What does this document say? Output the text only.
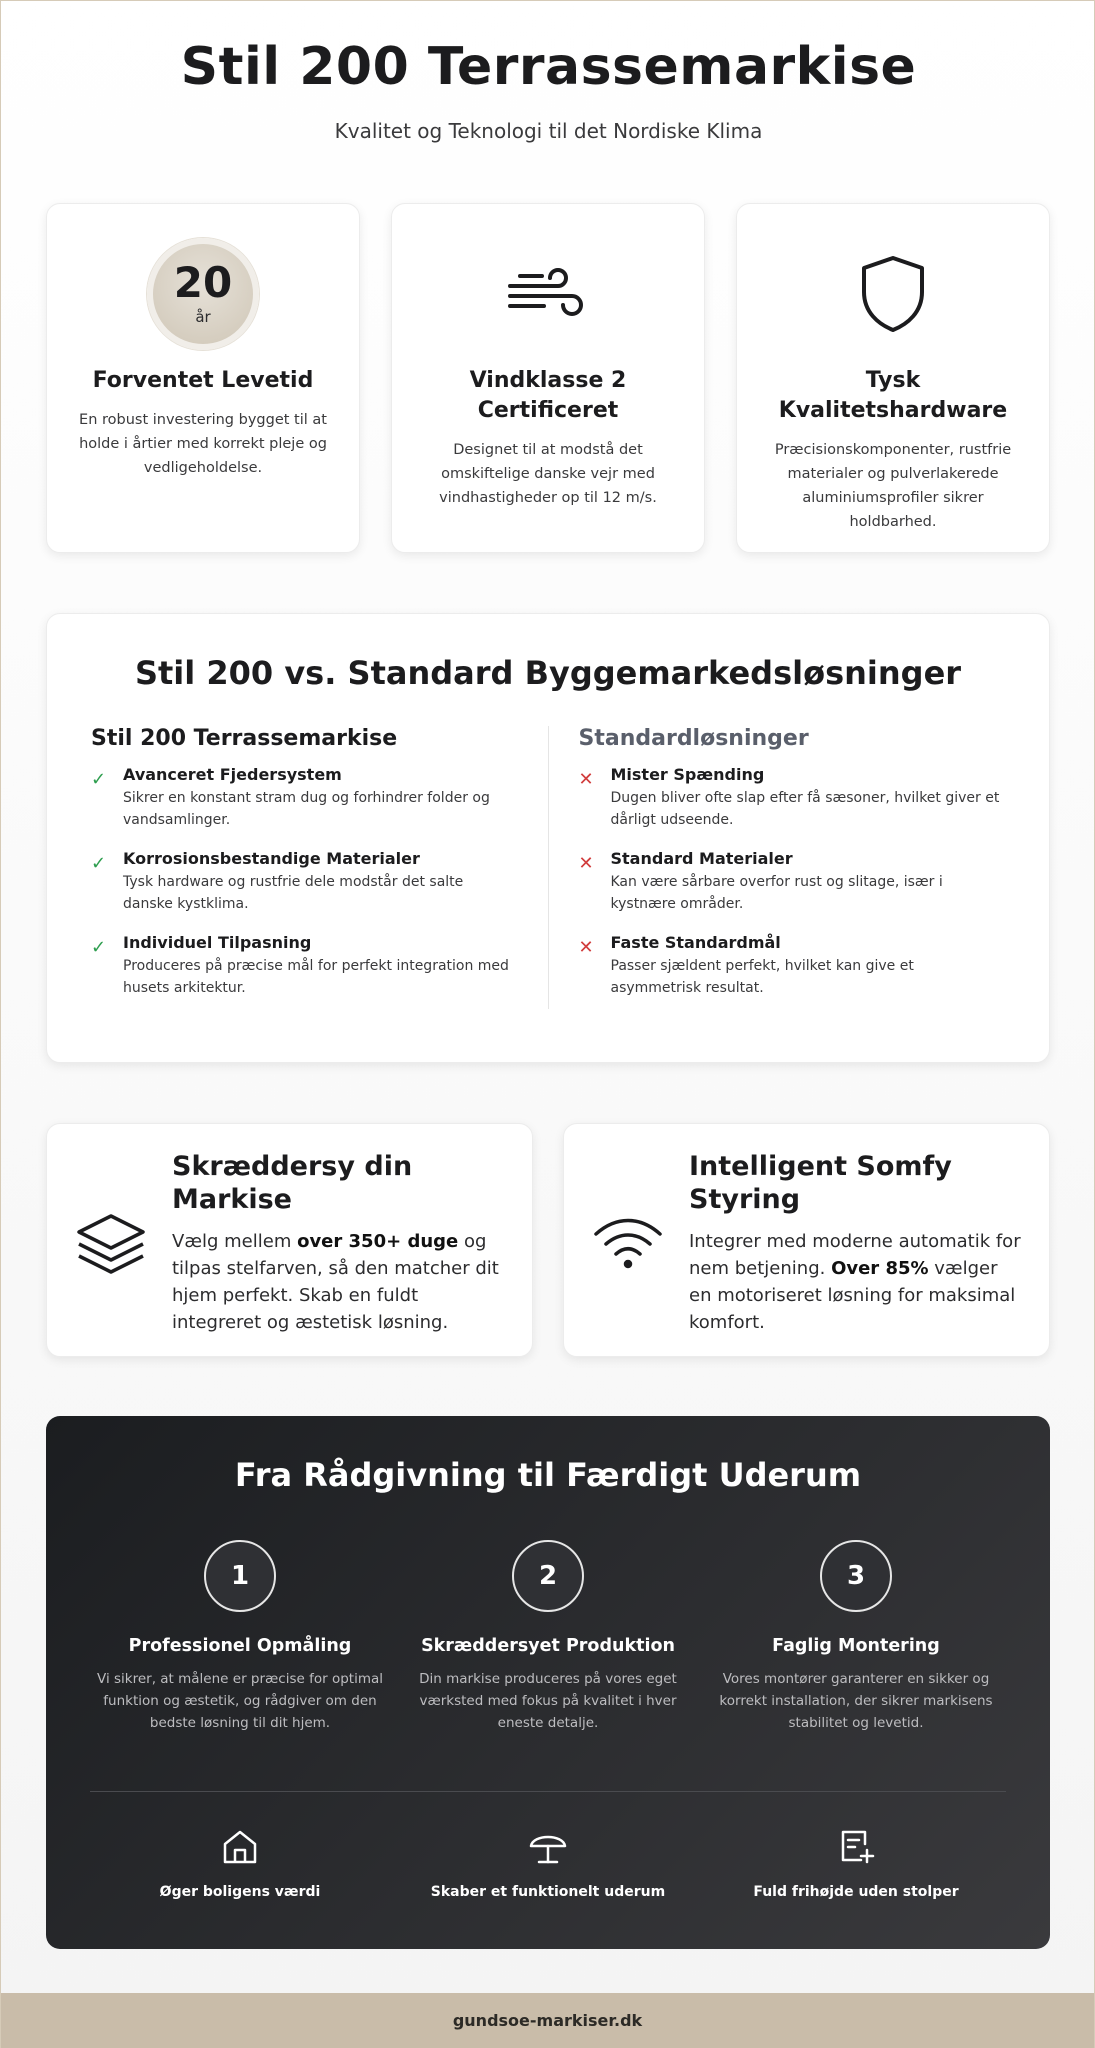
Stil 200 Terrassemarkise

Kvalitet og Teknologi til det Nordiske Klima

20
år
Forventet Levetid

En robust investering bygget til at holde i årtier med korrekt pleje og vedligeholdelse.

Vindklasse 2 Certificeret

Designet til at modstå det omskiftelige danske vejr med vindhastigheder op til 12 m/s.

Tysk Kvalitetshardware

Præcisionskomponenter, rustfrie materialer og pulverlakerede aluminiumsprofiler sikrer holdbarhed.

Stil 200 vs. Standard Byggemarkedsløsninger
Stil 200 Terrassemarkise
✓	Avanceret Fjedersystem
Sikrer en konstant stram dug og forhindrer folder og vandsamlinger.
✓	Korrosionsbestandige Materialer
Tysk hardware og rustfrie dele modstår det salte danske kystklima.
✓	Individuel Tilpasning
Produceres på præcise mål for perfekt integration med husets arkitektur.
Standardløsninger
✕	Mister Spænding
Dugen bliver ofte slap efter få sæsoner, hvilket giver et dårligt udseende.
✕	Standard Materialer
Kan være sårbare overfor rust og slitage, især i kystnære områder.
✕	Faste Standardmål
Passer sjældent perfekt, hvilket kan give et asymmetrisk resultat.
Skræddersy din Markise

Vælg mellem over 350+ duge og tilpas stelfarven, så den matcher dit hjem perfekt. Skab en fuldt integreret og æstetisk løsning.

Intelligent Somfy Styring

Integrer med moderne automatik for nem betjening. Over 85% vælger en motoriseret løsning for maksimal komfort.

Fra Rådgivning til Færdigt Uderum
1
Professionel Opmåling

Vi sikrer, at målene er præcise for optimal funktion og æstetik, og rådgiver om den bedste løsning til dit hjem.

2
Skræddersyet Produktion

Din markise produceres på vores eget værksted med fokus på kvalitet i hver eneste detalje.

3
Faglig Montering

Vores montører garanterer en sikker og korrekt installation, der sikrer markisens stabilitet og levetid.

Øger boligens værdi	Skaber et funktionelt uderum	Fuld frihøjde uden stolper
gundsoe-markiser.dk
